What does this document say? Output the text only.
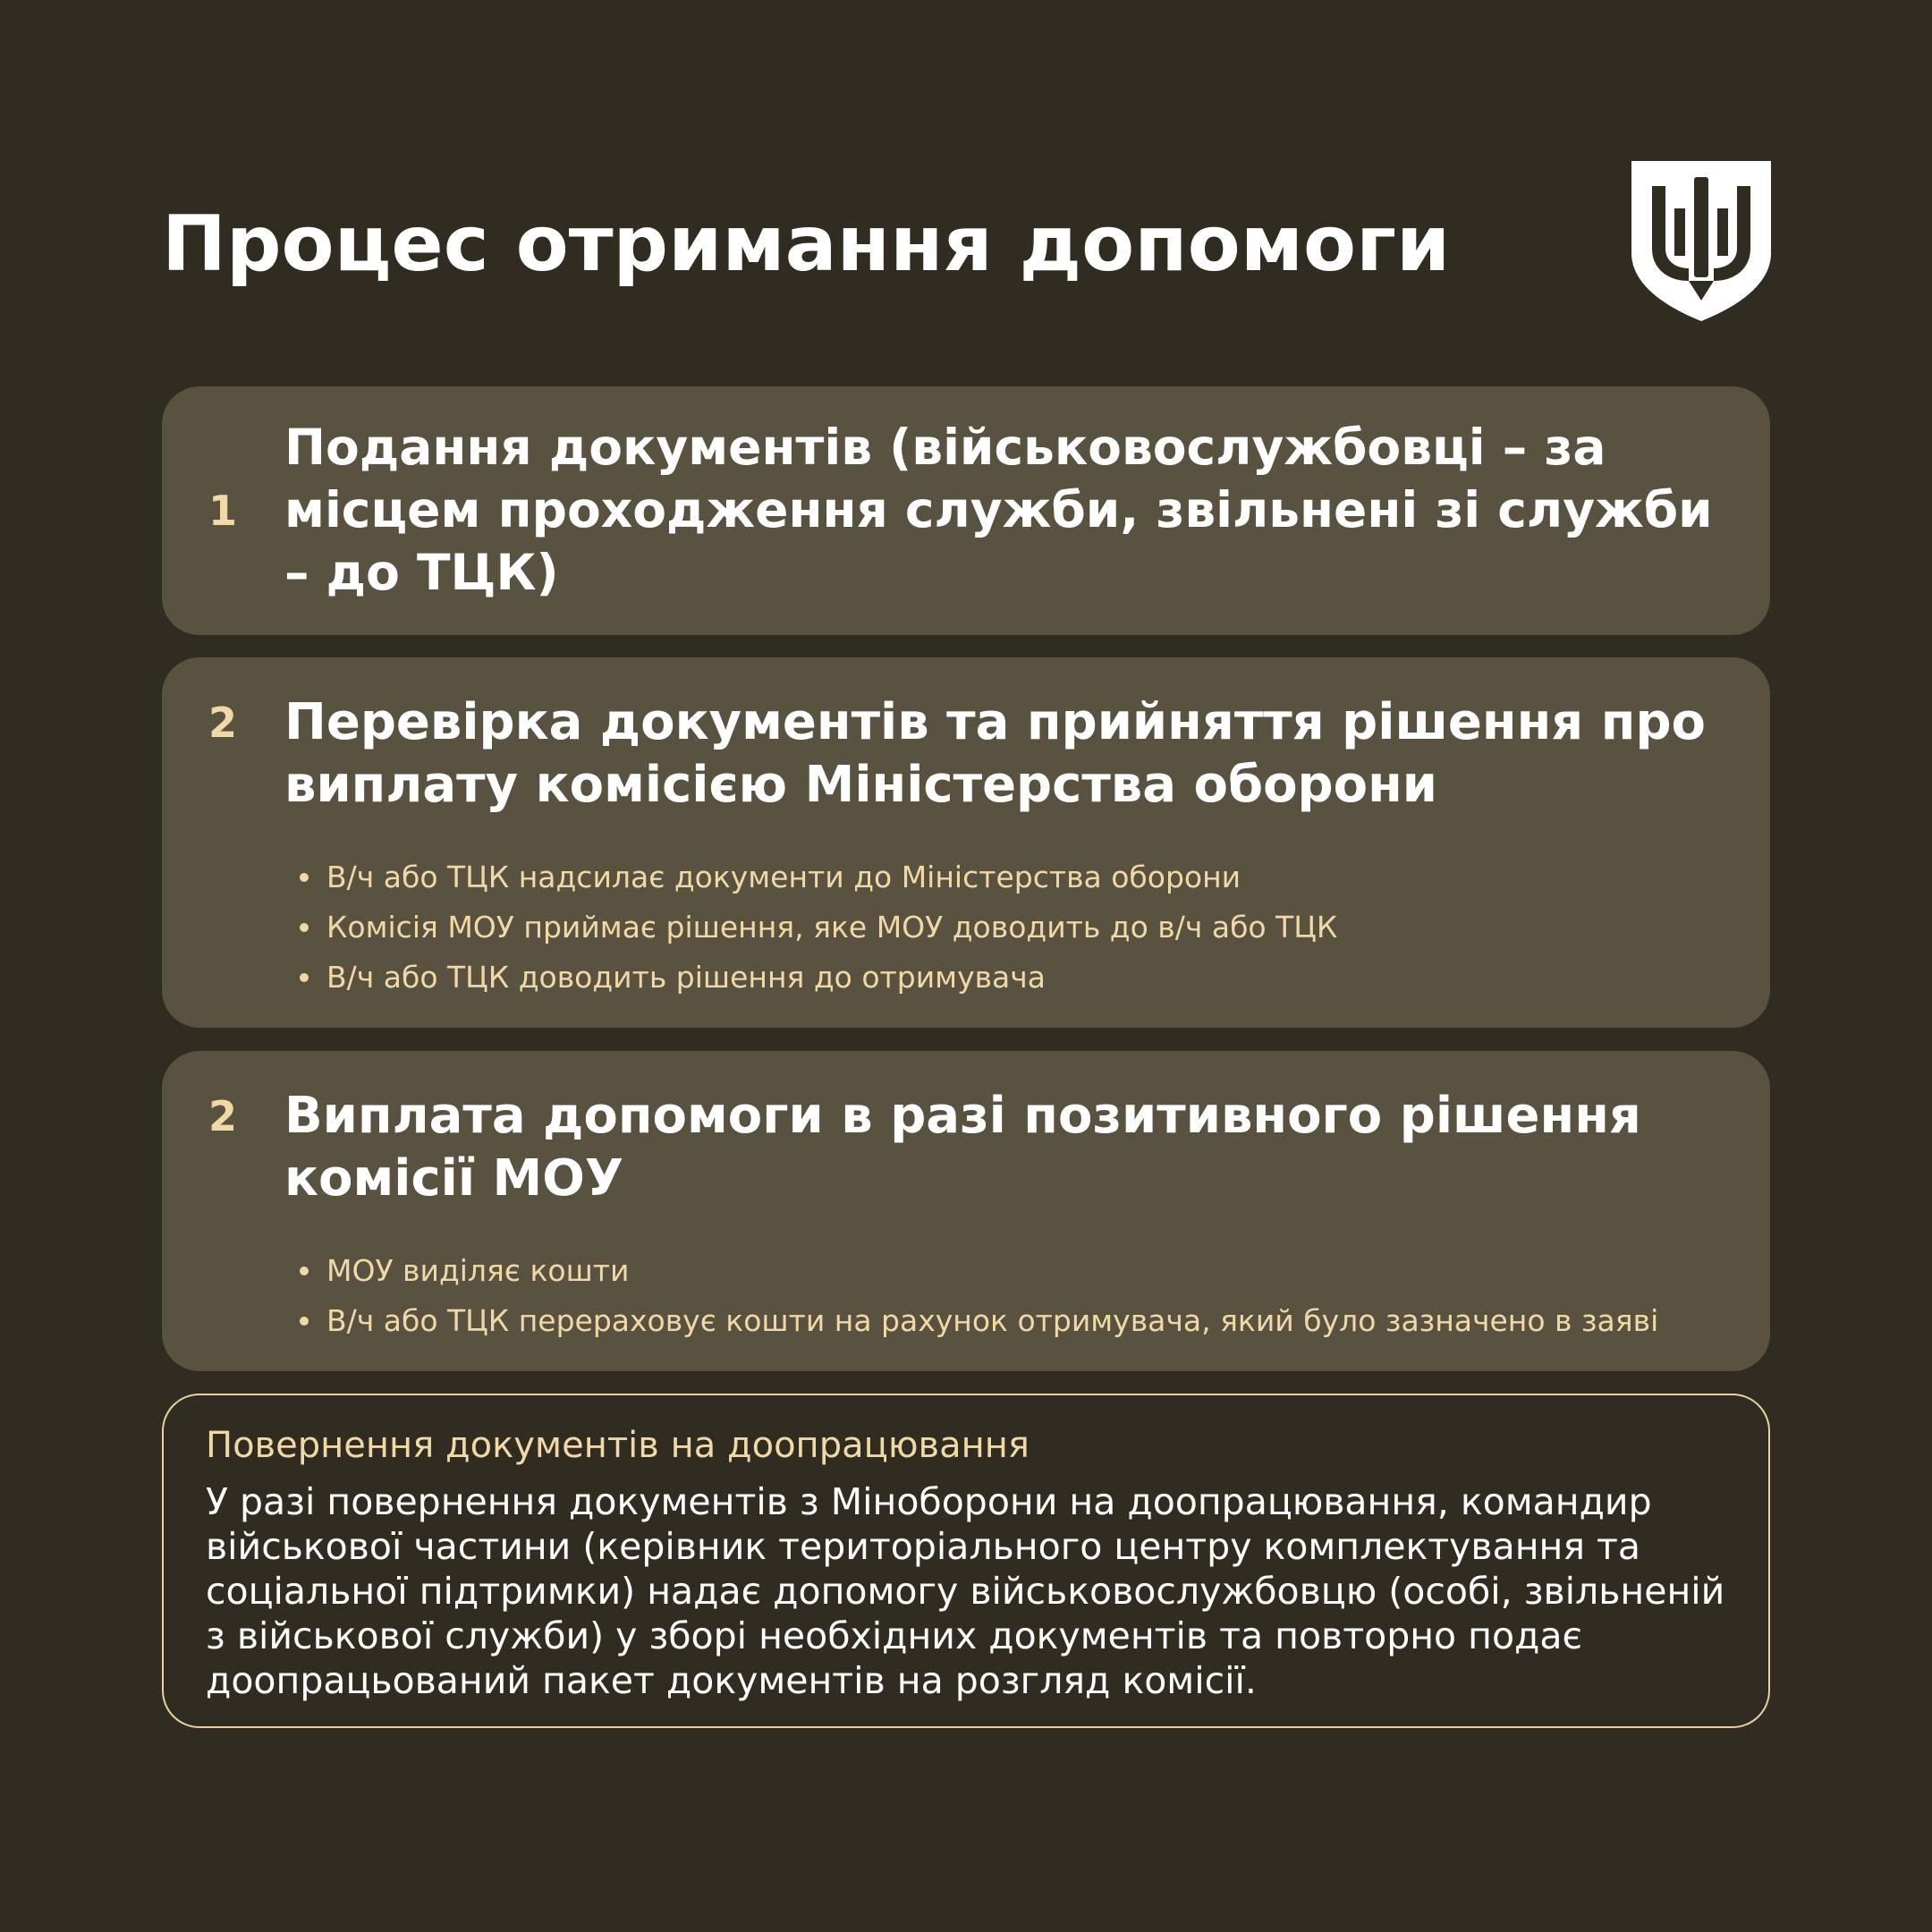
Процес отримання допомоги
1
Подання документів (військовослужбовці – за місцем проходження служби, звільнені зі служби – до ТЦК)
2 Перевірка документів та прийняття рішення про виплату комісією Міністерства оборони
В/ч або ТЦК надсилає документи до Міністерства оборони
Комісія МОУ приймає рішення, яке МОУ доводить до в/ч або ТЦК
В/ч або ТЦК доводить рішення до отримувача
2 Виплата допомоги в разі позитивного рішення комісії МОУ
МОУ виділяє кошти
В/ч або ТЦК перераховує кошти на рахунок отримувача, який було зазначено в заяві
Повернення документів на доопрацювання

У разі повернення документів з Міноборони на доопрацювання, командир військової частини (керівник територіального центру комплектування та соціальної підтримки) надає допомогу військовослужбовцю (особі, звільненій з військової служби) у зборі необхідних документів та повторно подає доопрацьований пакет документів на розгляд комісії.
